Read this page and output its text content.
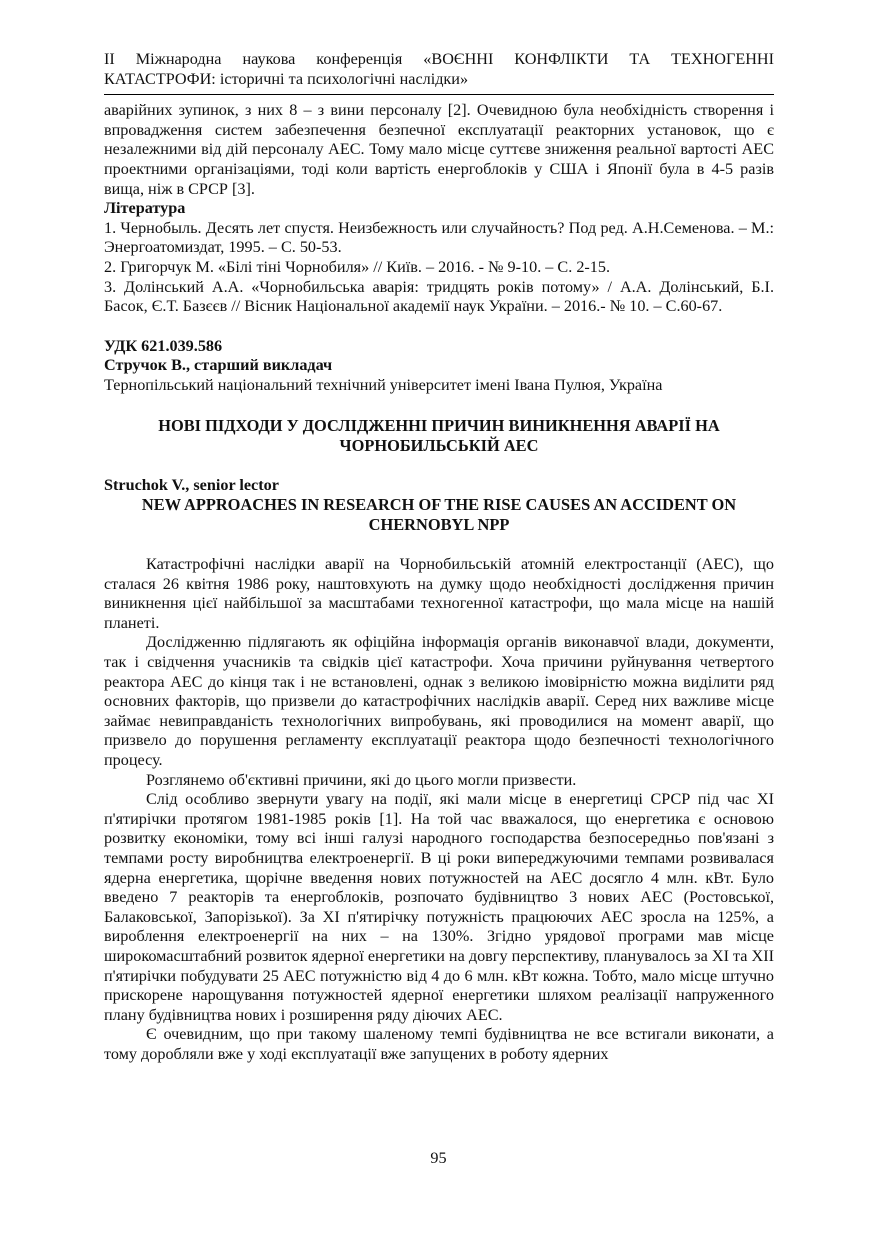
II Міжнародна наукова конференція «ВОЄННІ КОНФЛІКТИ ТА ТЕХНОГЕННІ
КАТАСТРОФИ: історичні та психологічні наслідки»

аварійних зупинок, з них 8 – з вини персоналу [2]. Очевидною була необхідність створення і впровадження систем забезпечення безпечної експлуатації реакторних установок, що є незалежними від дій персоналу АЕС. Тому мало місце суттєве зниження реальної вартості АЕС проектними організаціями, тоді коли вартість енергоблоків у США і Японії була в 4-5 разів вища, ніж в СРСР [3].

Література

1. Чернобыль. Десять лет спустя. Неизбежность или случайность? Под ред. А.Н.Семенова. – М.: Энергоатомиздат, 1995. – С. 50-53.

2. Григорчук М. «Білі тіні Чорнобиля» // Київ. – 2016. - № 9-10. – С. 2-15.

3. Долінський А.А. «Чорнобильська аварія: тридцять років потому» / А.А. Долінський, Б.І. Басок, Є.Т. Базєєв // Вісник Національної академії наук України. – 2016.- № 10. – С.60-67.

УДК 621.039.586
Стручок В., старший викладач
Тернопільський національний технічний університет імені Івана Пулюя, Україна
НОВІ ПІДХОДИ У ДОСЛІДЖЕННІ ПРИЧИН ВИНИКНЕННЯ АВАРІЇ НА
ЧОРНОБИЛЬСЬКІЙ АЕС
Struchok V., senior lector
NEW APPROACHES IN RESEARCH OF THE RISE CAUSES AN ACCIDENT ON
CHERNOBYL NPP

Катастрофічні наслідки аварії на Чорнобильській атомній електростанції (АЕС), що сталася 26 квітня 1986 року, наштовхують на думку щодо необхідності дослідження причин виникнення цієї найбільшої за масштабами техногенної катастрофи, що мала місце на нашій планеті.

Дослідженню підлягають як офіційна інформація органів виконавчої влади, документи, так і свідчення учасників та свідків цієї катастрофи. Хоча причини руйнування четвертого реактора АЕС до кінця так і не встановлені, однак з великою імовірністю можна виділити ряд основних факторів, що призвели до катастрофічних наслідків аварії. Серед них важливе місце займає невиправданість технологічних випробувань, які проводилися на момент аварії, що призвело до порушення регламенту експлуатації реактора щодо безпечності технологічного процесу.

Розглянемо об'єктивні причини, які до цього могли призвести.

Слід особливо звернути увагу на події, які мали місце в енергетиці СРСР під час XI п'ятирічки протягом 1981-1985 років [1]. На той час вважалося, що енергетика є основою розвитку економіки, тому всі інші галузі народного господарства безпосередньо пов'язані з темпами росту виробництва електроенергії. В ці роки випереджуючими темпами розвивалася ядерна енергетика, щорічне введення нових потужностей на АЕС досягло 4 млн. кВт. Було введено 7 реакторів та енергоблоків, розпочато будівництво 3 нових АЕС (Ростовської, Балаковської, Запорізької). За XI п'ятирічку потужність працюючих АЕС зросла на 125%, а вироблення електроенергії на них – на 130%. Згідно урядової програми мав місце широкомасштабний розвиток ядерної енергетики на довгу перспективу, планувалось за XI та XII п'ятирічки побудувати 25 АЕС потужністю від 4 до 6 млн. кВт кожна. Тобто, мало місце штучно прискорене нарощування потужностей ядерної енергетики шляхом реалізації напруженного плану будівництва нових і розширення ряду діючих АЕС.

Є очевидним, що при такому шаленому темпі будівництва не все встигали виконати, а тому доробляли вже у ході експлуатації вже запущених в роботу ядерних

95
